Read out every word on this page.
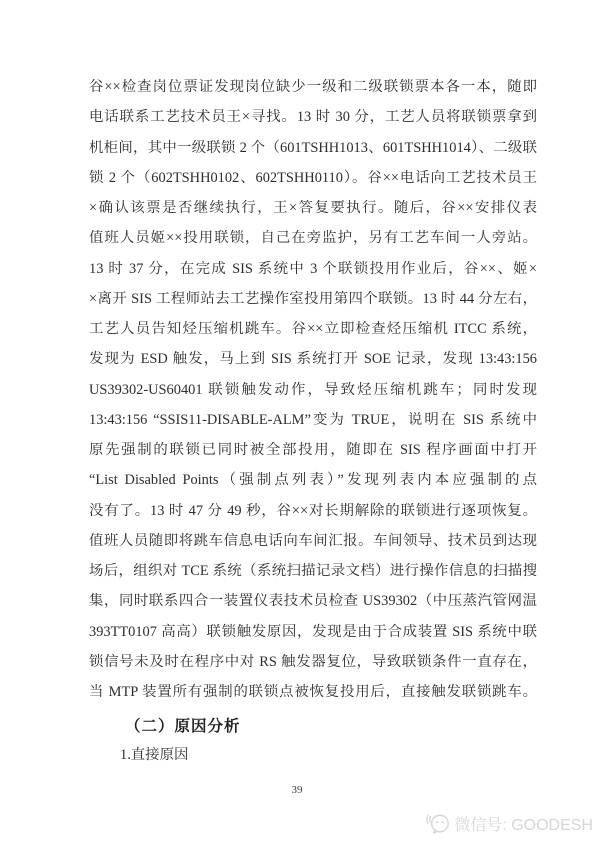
谷××检查岗位票证发现岗位缺少一级和二级联锁票本各一本，随即
电话联系工艺技术员王×寻找。13 时 30 分，工艺人员将联锁票拿到
机柜间，其中一级联锁 2 个（601TSHH1013、601TSHH1014）、二级联
锁 2 个（602TSHH0102、602TSHH0110）。谷××电话向工艺技术员王
×确认该票是否继续执行，王×答复要执行。随后，谷××安排仪表
值班人员姬××投用联锁，自己在旁监护，另有工艺车间一人旁站。
13 时 37 分，在完成 SIS 系统中 3 个联锁投用作业后，谷××、姬×
×离开 SIS 工程师站去工艺操作室投用第四个联锁。13 时 44 分左右，
工艺人员告知烃压缩机跳车。谷××立即检查烃压缩机 ITCC 系统，
发现为 ESD 触发，马上到 SIS 系统打开 SOE 记录，发现 13:43:156
US39302-US60401 联锁触发动作，导致烃压缩机跳车；同时发现
13:43:156 “SSIS11-DISABLE-ALM”变为 TRUE，说明在 SIS 系统中
原先强制的联锁已同时被全部投用，随即在 SIS 程序画面中打开
“List Disabled Points（强制点列表）”发现列表内本应强制的点
没有了。13 时 47 分 49 秒，谷××对长期解除的联锁进行逐项恢复。
值班人员随即将跳车信息电话向车间汇报。车间领导、技术员到达现
场后，组织对 TCE 系统（系统扫描记录文档）进行操作信息的扫描搜
集，同时联系四合一装置仪表技术员检查 US39302（中压蒸汽管网温
393TT0107 高高）联锁触发原因，发现是由于合成装置 SIS 系统中联
锁信号未及时在程序中对 RS 触发器复位，导致联锁条件一直存在，
当 MTP 装置所有强制的联锁点被恢复投用后，直接触发联锁跳车。
（二）原因分析
1.直接原因
39
微信号: GOODESH
